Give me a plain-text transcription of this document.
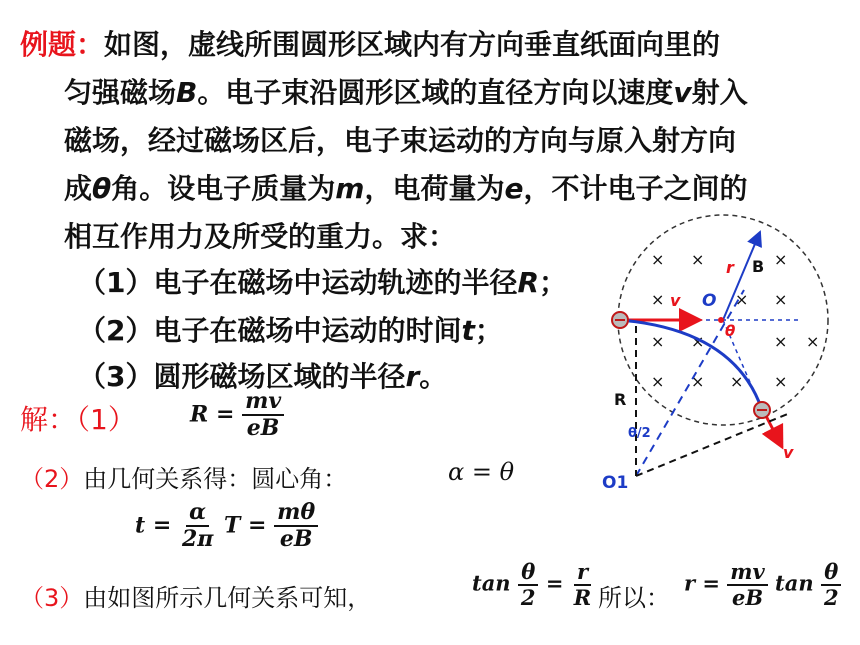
例题：如图，虚线所围圆形区域内有方向垂直纸面向里的
匀强磁场B。电子束沿圆形区域的直径方向以速度v射入
磁场，经过磁场区后，电子束运动的方向与原入射方向
成θ角。设电子质量为m，电荷量为e，不计电子之间的
相互作用力及所受的重力。求：
（1）电子在磁场中运动轨迹的半径R；
（2）电子在磁场中运动的时间t；
（3）圆形磁场区域的半径r。
解：（1） $R = \frac{mv}{eB}$
（2）由几何关系得：圆心角：	α = θ
$t = \frac{\alpha}{2\pi}$ $T = \frac{m\theta}{eB}$
（3）由如图所示几何关系可知，
$\tan \frac{\theta}{2} = \frac{r}{R}$ 所以：
$r = \frac{mv}{eB}$ $\tan \frac{\theta}{2}$
× ×	×
×	× ×
× ×	× ×
× × × ×
v O
θ
r B
R
θ/2
O1
v
